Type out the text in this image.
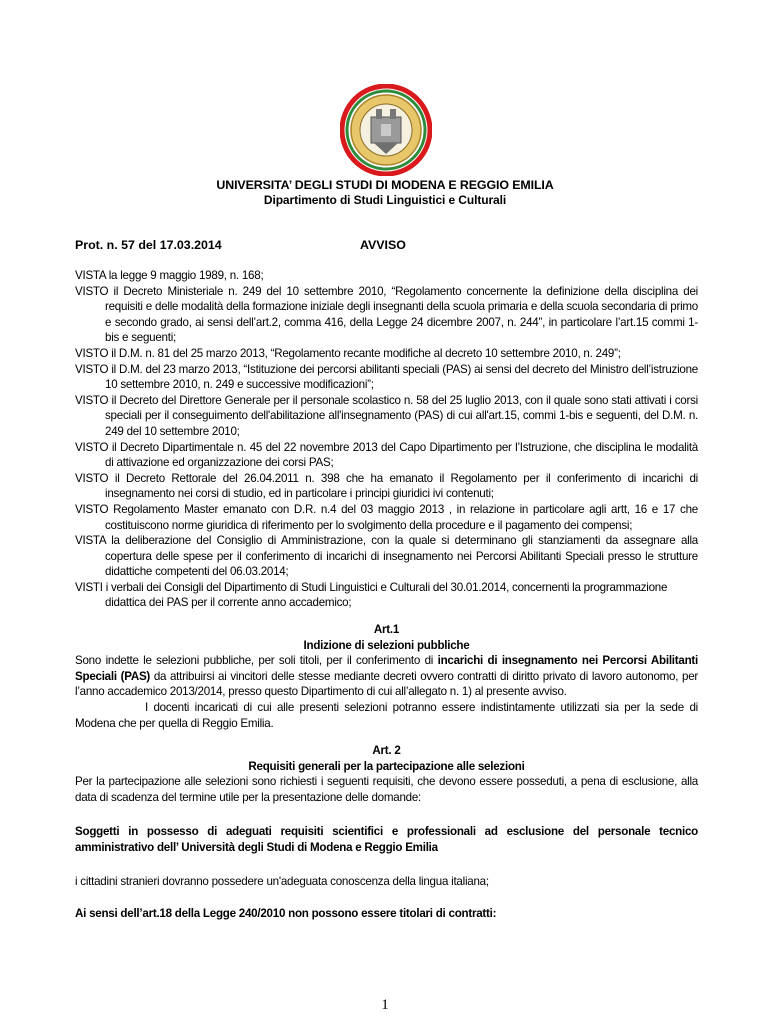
UNIVERSITA’ DEGLI STUDI DI MODENA E REGGIO EMILIA
Dipartimento di Studi Linguistici e Culturali
Prot. n. 57 del 17.03.2014	AVVISO

VISTA la legge 9 maggio 1989, n. 168;

VISTO il Decreto Ministeriale n. 249 del 10 settembre 2010, “Regolamento concernente la definizione della disciplina dei requisiti e delle modalità della formazione iniziale degli insegnanti della scuola primaria e della scuola secondaria di primo e secondo grado, ai sensi dell’art.2, comma 416, della Legge 24 dicembre 2007, n. 244”, in particolare l’art.15 commi 1-bis e seguenti;

VISTO il D.M. n. 81 del 25 marzo 2013, “Regolamento recante modifiche al decreto 10 settembre 2010, n. 249”;

VISTO il D.M. del 23 marzo 2013, “Istituzione dei percorsi abilitanti speciali (PAS) ai sensi del decreto del Ministro dell’istruzione 10 settembre 2010, n. 249 e successive modificazioni”;

VISTO il Decreto del Direttore Generale per il personale scolastico n. 58 del 25 luglio 2013, con il quale sono stati attivati i corsi speciali per il conseguimento dell'abilitazione all'insegnamento (PAS) di cui all'art.15, commi 1-bis e seguenti, del D.M. n. 249 del 10 settembre 2010;

VISTO il Decreto Dipartimentale n. 45 del 22 novembre 2013 del Capo Dipartimento per l’Istruzione, che disciplina le modalità di attivazione ed organizzazione dei corsi PAS;

VISTO il Decreto Rettorale del 26.04.2011 n. 398 che ha emanato il Regolamento per il conferimento di incarichi di insegnamento nei corsi di studio, ed in particolare i principi giuridici ivi contenuti;

VISTO Regolamento Master emanato con D.R. n.4 del 03 maggio 2013 , in relazione in particolare agli artt, 16 e 17 che costituiscono norme giuridica di riferimento per lo svolgimento della procedure e il pagamento dei compensi;

VISTA la deliberazione del Consiglio di Amministrazione, con la quale si determinano gli stanziamenti da assegnare alla copertura delle spese per il conferimento di incarichi di insegnamento nei Percorsi Abilitanti Speciali presso le strutture didattiche competenti del 06.03.2014;

VISTI i verbali dei Consigli del Dipartimento di Studi Linguistici e Culturali del 30.01.2014, concernenti la programmazione didattica dei PAS per il corrente anno accademico;

Art.1

Indizione di selezioni pubbliche

Sono indette le selezioni pubbliche, per soli titoli, per il conferimento di incarichi di insegnamento nei Percorsi Abilitanti Speciali (PAS) da attribuirsi ai vincitori delle stesse mediante decreti ovvero contratti di diritto privato di lavoro autonomo, per l’anno accademico 2013/2014, presso questo Dipartimento di cui all’allegato n. 1) al presente avviso.

I docenti incaricati di cui alle presenti selezioni potranno essere indistintamente utilizzati sia per la sede di Modena che per quella di Reggio Emilia.

Art. 2

Requisiti generali per la partecipazione alle selezioni

Per la partecipazione alle selezioni sono richiesti i seguenti requisiti, che devono essere posseduti, a pena di esclusione, alla data di scadenza del termine utile per la presentazione delle domande:

Soggetti in possesso di adeguati requisiti scientifici e professionali ad esclusione del personale tecnico amministrativo dell’ Università degli Studi di Modena e Reggio Emilia

i cittadini stranieri dovranno possedere un'adeguata conoscenza della lingua italiana;

Ai sensi dell’art.18 della Legge 240/2010 non possono essere titolari di contratti:

1
